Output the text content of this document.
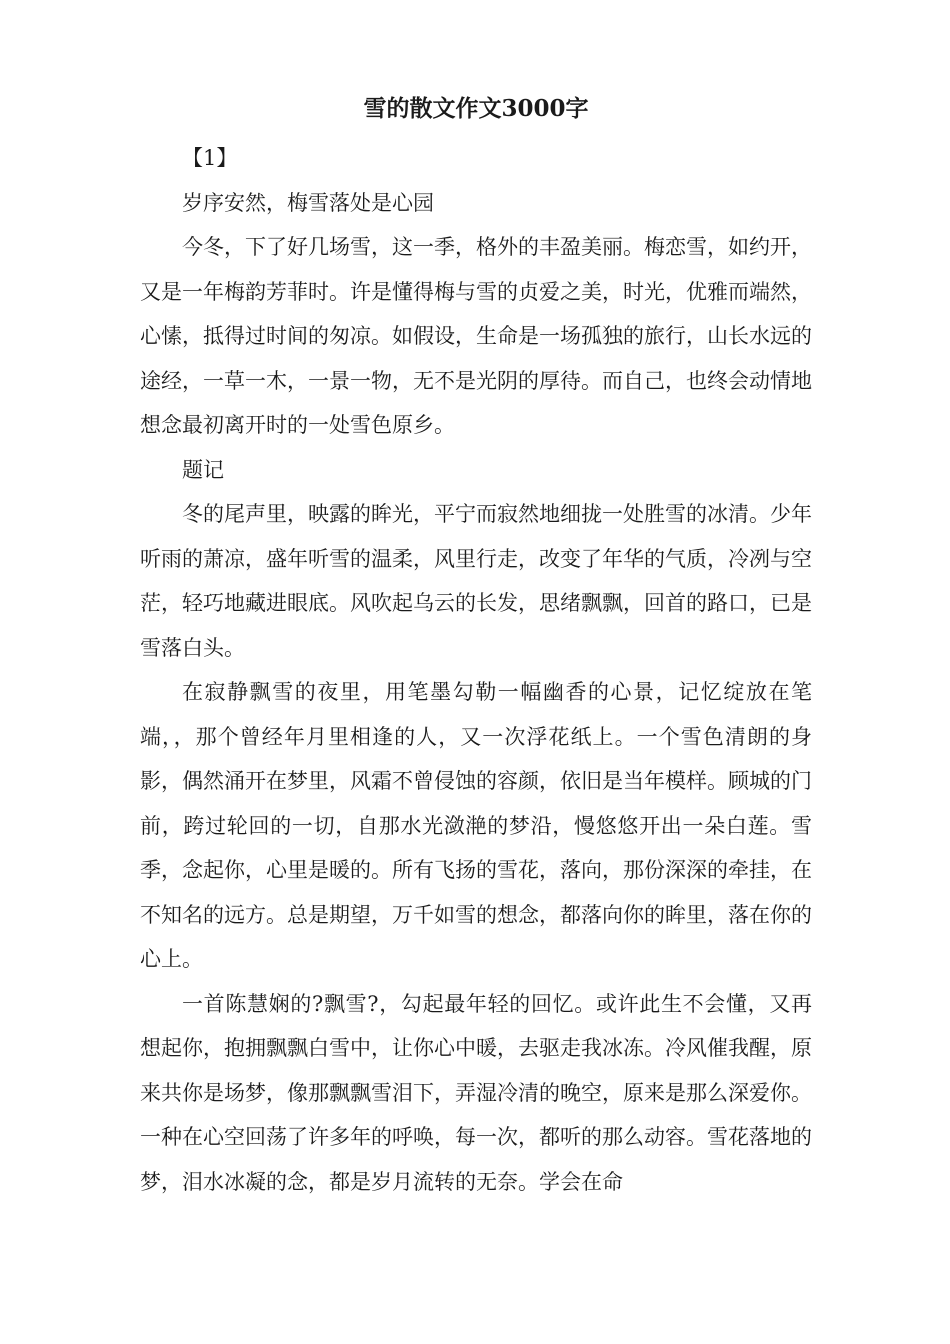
雪的散文作文3000字

【1】

岁序安然，梅雪落处是心园

今冬，下了好几场雪，这一季，格外的丰盈美丽。梅恋雪，如约开，又是一年梅韵芳菲时。许是懂得梅与雪的贞爱之美，时光，优雅而端然，心愫，抵得过时间的匆凉。如假设，生命是一场孤独的旅行，山长水远的途经，一草一木，一景一物，无不是光阴的厚待。而自己，也终会动情地想念最初离开时的一处雪色原乡。

题记

冬的尾声里，映露的眸光，平宁而寂然地细拢一处胜雪的冰清。少年听雨的萧凉，盛年听雪的温柔，风里行走，改变了年华的气质，冷冽与空茫，轻巧地藏进眼底。风吹起乌云的长发，思绪飘飘，回首的路口，已是雪落白头。

在寂静飘雪的夜里，用笔墨勾勒一幅幽香的心景，记忆绽放在笔端，，那个曾经年月里相逢的人，又一次浮花纸上。一个雪色清朗的身影，偶然涌开在梦里，风霜不曾侵蚀的容颜，依旧是当年模样。顾城的门前，跨过轮回的一切，自那水光潋滟的梦沿，慢悠悠开出一朵白莲。雪季，念起你，心里是暖的。所有飞扬的雪花，落向，那份深深的牵挂，在不知名的远方。总是期望，万千如雪的想念，都落向你的眸里，落在你的心上。

一首陈慧娴的?飘雪?，勾起最年轻的回忆。或许此生不会懂，又再想起你，抱拥飘飘白雪中，让你心中暖，去驱走我冰冻。冷风催我醒，原来共你是场梦，像那飘飘雪泪下，弄湿冷清的晚空，原来是那么深爱你。一种在心空回荡了许多年的呼唤，每一次，都听的那么动容。雪花落地的梦，泪水冰凝的念，都是岁月流转的无奈。学会在命
